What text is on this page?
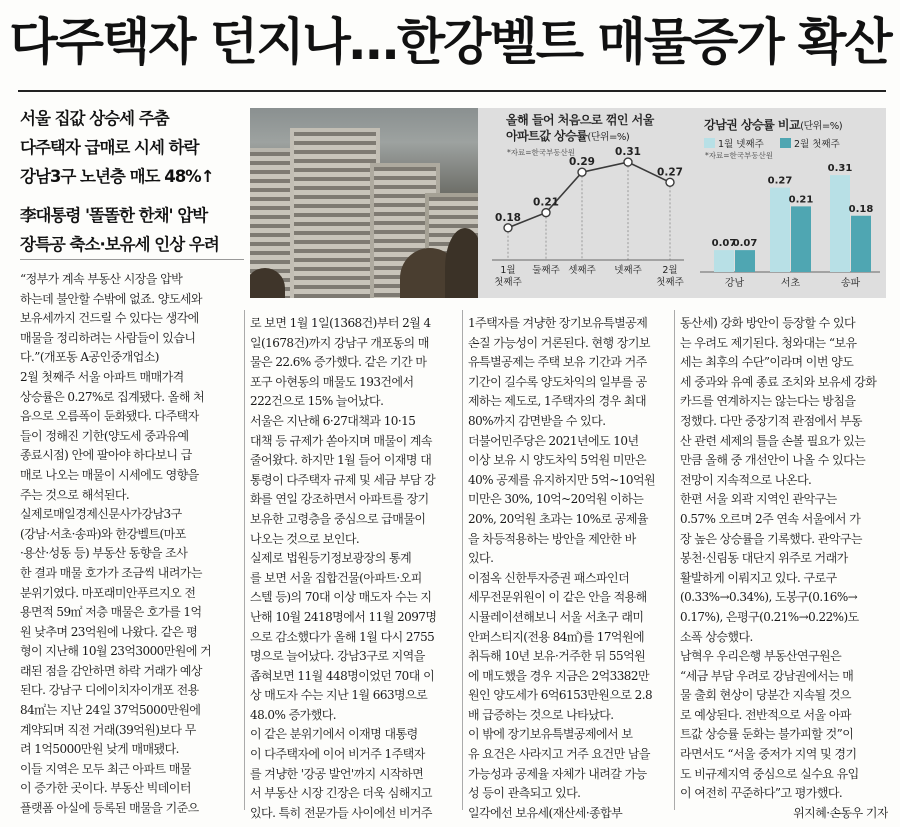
다주택자 던지나…한강벨트 매물증가 확산
서울 집값 상승세 주춤
다주택자 급매로 시세 하락
강남3구 노년층 매도 48%↑
李대통령 '똘똘한 한채' 압박
장특공 축소·보유세 인상 우려
올해 들어 처음으로 꺾인 서울
아파트값 상승률(단위=%)
*자료=한국부동산원
0.18
1월
첫째주
0.21
둘째주
0.29
셋째주
0.31
넷째주
0.27
2월
첫째주
강남권 상승률 비교(단위=%)
1월 넷째주	2월 첫째주
*자료=한국부동산원
0.07
0.07
강남
0.27
0.21
서초
0.31
0.18
송파
“정부가 계속 부동산 시장을 압박
하는데 불안할 수밖에 없죠. 양도세와
보유세까지 건드릴 수 있다는 생각에
매물을 정리하려는 사람들이 있습니
다.”(개포동 A공인중개업소)
2월 첫째주 서울 아파트 매매가격
상승률은 0.27%로 집계됐다. 올해 처
음으로 오름폭이 둔화됐다. 다주택자
들이 정해진 기한(양도세 중과유예
종료시점) 안에 팔아야 하다보니 급
매로 나오는 매물이 시세에도 영향을
주는 것으로 해석된다.
실제로매일경제신문사가강남3구
(강남·서초·송파)와 한강벨트(마포
·용산·성동 등) 부동산 동향을 조사
한 결과 매물 호가가 조금씩 내려가는
분위기였다. 마포래미안푸르지오 전
용면적 59㎡ 저층 매물은 호가를 1억
원 낮추며 23억원에 나왔다. 같은 평
형이 지난해 10월 23억3000만원에 거
래된 점을 감안하면 하락 거래가 예상
된다. 강남구 디에이치자이개포 전용
84㎡는 지난 24일 37억5000만원에
계약되며 직전 거래(39억원)보다 무
려 1억5000만원 낮게 매매됐다.
이들 지역은 모두 최근 아파트 매물
이 증가한 곳이다. 부동산 빅데이터
플랫폼 아실에 등록된 매물을 기준으
로 보면 1월 1일(1368건)부터 2월 4
일(1678건)까지 강남구 개포동의 매
물은 22.6% 증가했다. 같은 기간 마
포구 아현동의 매물도 193건에서
222건으로 15% 늘어났다.
서울은 지난해 6·27대책과 10·15
대책 등 규제가 쏟아지며 매물이 계속
줄어왔다. 하지만 1월 들어 이재명 대
통령이 다주택자 규제 및 세금 부담 강
화를 연일 강조하면서 아파트를 장기
보유한 고령층을 중심으로 급매물이
나오는 것으로 보인다.
실제로 법원등기정보광장의 통계
를 보면 서울 집합건물(아파트·오피
스텔 등)의 70대 이상 매도자 수는 지
난해 10월 2418명에서 11월 2097명
으로 감소했다가 올해 1월 다시 2755
명으로 늘어났다. 강남3구로 지역을
좁혀보면 11월 448명이었던 70대 이
상 매도자 수는 지난 1월 663명으로
48.0% 증가했다.
이 같은 분위기에서 이재명 대통령
이 다주택자에 이어 비거주 1주택자
를 겨냥한 '강공 발언'까지 시작하면
서 부동산 시장 긴장은 더욱 심해지고
있다. 특히 전문가들 사이에선 비거주
1주택자를 겨냥한 장기보유특별공제
손질 가능성이 거론된다. 현행 장기보
유특별공제는 주택 보유 기간과 거주
기간이 길수록 양도차익의 일부를 공
제하는 제도로, 1주택자의 경우 최대
80%까지 감면받을 수 있다.
더불어민주당은 2021년에도 10년
이상 보유 시 양도차익 5억원 미만은
40% 공제를 유지하지만 5억~10억원
미만은 30%, 10억~20억원 이하는
20%, 20억원 초과는 10%로 공제율
을 차등적용하는 방안을 제안한 바
있다.
이점옥 신한투자증권 패스파인더
세무전문위원이 이 같은 안을 적용해
시뮬레이션해보니 서울 서초구 래미
안퍼스티지(전용 84㎡)를 17억원에
취득해 10년 보유·거주한 뒤 55억원
에 매도했을 경우 지금은 2억3382만
원인 양도세가 6억6153만원으로 2.8
배 급증하는 것으로 나타났다.
이 밖에 장기보유특별공제에서 보
유 요건은 사라지고 거주 요건만 남을
가능성과 공제율 자체가 내려갈 가능
성 등이 관측되고 있다.
일각에선 보유세(재산세·종합부
동산세) 강화 방안이 등장할 수 있다
는 우려도 제기된다. 청와대는 “보유
세는 최후의 수단”이라며 이번 양도
세 중과와 유예 종료 조치와 보유세 강화
카드를 연계하지는 않는다는 방침을
정했다. 다만 중장기적 관점에서 부동
산 관련 세제의 틀을 손볼 필요가 있는
만큼 올해 중 개선안이 나올 수 있다는
전망이 지속적으로 나온다.
한편 서울 외곽 지역인 관악구는
0.57% 오르며 2주 연속 서울에서 가
장 높은 상승률을 기록했다. 관악구는
봉천·신림동 대단지 위주로 거래가
활발하게 이뤄지고 있다. 구로구
(0.33%→0.34%), 도봉구(0.16%→
0.17%), 은평구(0.21%→0.22%)도
소폭 상승했다.
남혁우 우리은행 부동산연구원은
“세금 부담 우려로 강남권에서는 매
물 출회 현상이 당분간 지속될 것으
로 예상된다. 전반적으로 서울 아파
트값 상승률 둔화는 불가피할 것”이
라면서도 “서울 중저가 지역 및 경기
도 비규제지역 중심으로 실수요 유입
이 여전히 꾸준하다”고 평가했다.
위지혜·손동우 기자
